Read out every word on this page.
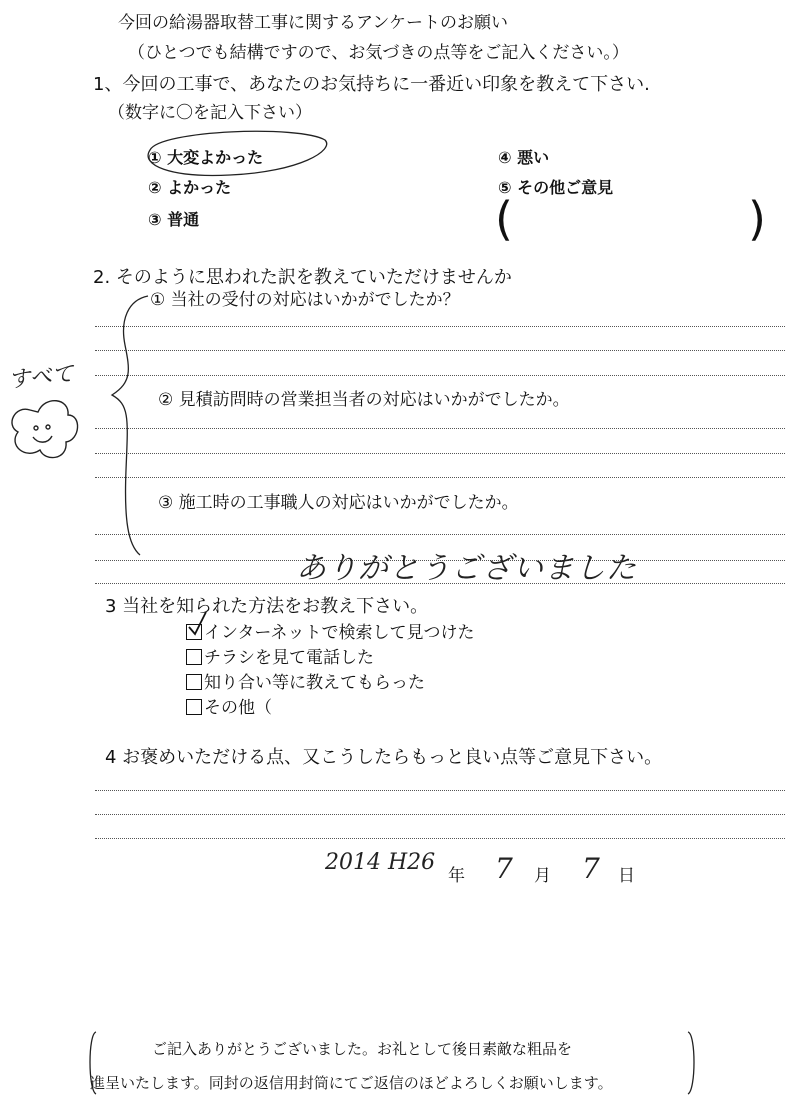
今回の給湯器取替工事に関するアンケートのお願い
（ひとつでも結構ですので、お気づきの点等をご記入ください。）
1、今回の工事で、あなたのお気持ちに一番近い印象を教えて下さい.
（数字に〇を記入下さい）
① 大変よかった
② よかった
③ 普通
④ 悪い
⑤ その他ご意見
(	)
2. そのように思われた訳を教えていただけませんか
① 当社の受付の対応はいかがでしたか？
② 見積訪問時の営業担当者の対応はいかがでしたか。
③ 施工時の工事職人の対応はいかがでしたか。
すべて
ありがとうございました
3 当社を知られた方法をお教え下さい。
インターネットで検索して見つけた
チラシを見て電話した
知り合い等に教えてもらった
その他（
4 お褒めいただける点、又こうしたらもっと良い点等ご意見下さい。
2014 H26
年 7 月 7 日
ご記入ありがとうございました。お礼として後日素敵な粗品を
進呈いたします。同封の返信用封筒にてご返信のほどよろしくお願いします。
